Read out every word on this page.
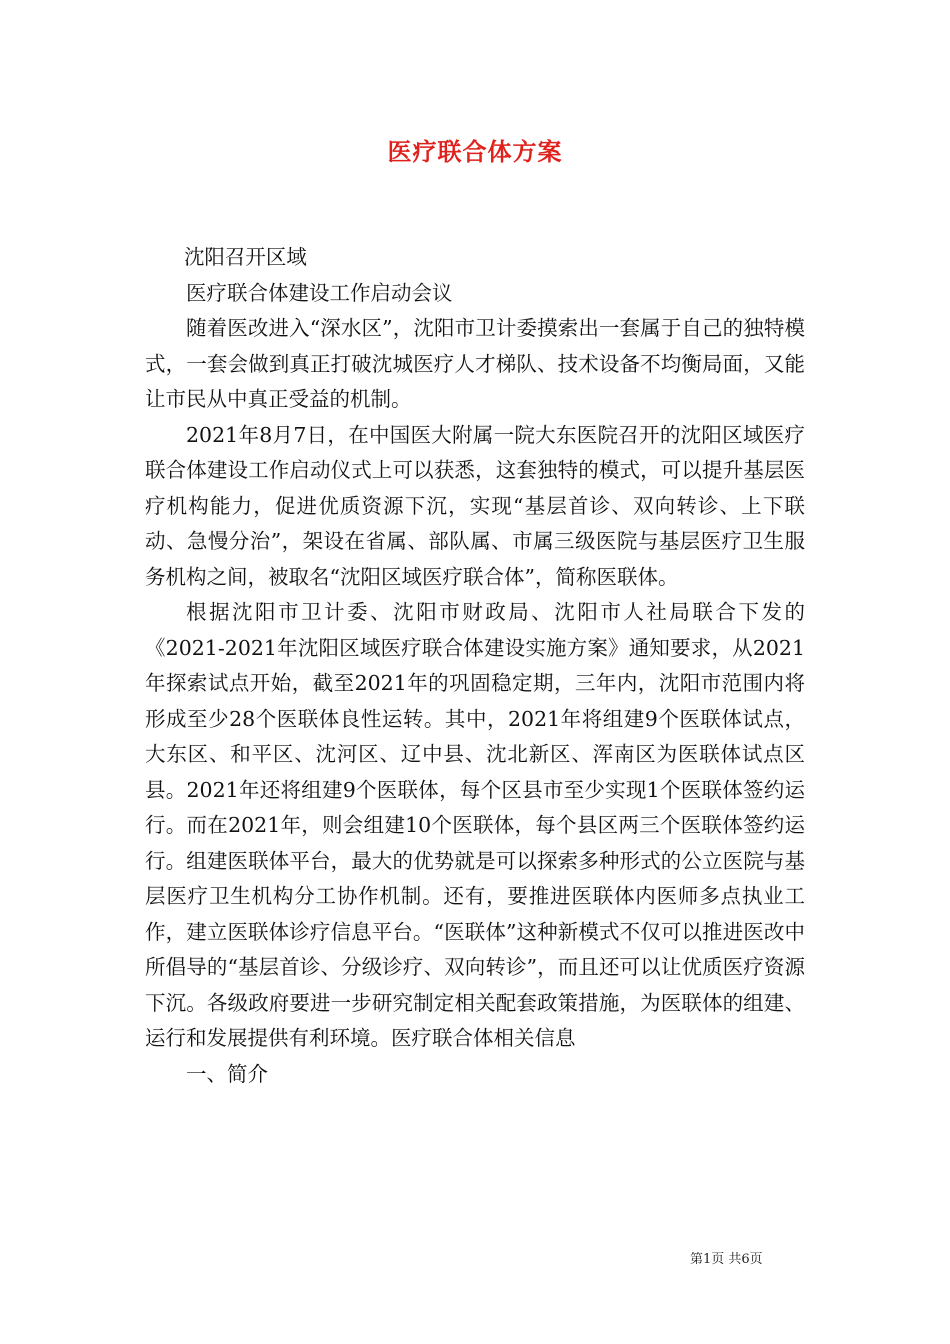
医疗联合体方案

沈阳召开区域

医疗联合体建设工作启动会议

随着医改进入“深水区”，沈阳市卫计委摸索出一套属于自己的独特模式，一套会做到真正打破沈城医疗人才梯队、技术设备不均衡局面，又能让市民从中真正受益的机制。

2021年8月7日，在中国医大附属一院大东医院召开的沈阳区域医疗联合体建设工作启动仪式上可以获悉，这套独特的模式，可以提升基层医疗机构能力，促进优质资源下沉，实现“基层首诊、双向转诊、上下联动、急慢分治”，架设在省属、部队属、市属三级医院与基层医疗卫生服务机构之间，被取名“沈阳区域医疗联合体”，简称医联体。

根据沈阳市卫计委、沈阳市财政局、沈阳市人社局联合下发的《2021-2021年沈阳区域医疗联合体建设实施方案》通知要求，从2021年探索试点开始，截至2021年的巩固稳定期，三年内，沈阳市范围内将形成至少28个医联体良性运转。其中，2021年将组建9个医联体试点，大东区、和平区、沈河区、辽中县、沈北新区、浑南区为医联体试点区县。2021年还将组建9个医联体，每个区县市至少实现1个医联体签约运行。而在2021年，则会组建10个医联体，每个县区两三个医联体签约运行。组建医联体平台，最大的优势就是可以探索多种形式的公立医院与基层医疗卫生机构分工协作机制。还有，要推进医联体内医师多点执业工作，建立医联体诊疗信息平台。“医联体”这种新模式不仅可以推进医改中所倡导的“基层首诊、分级诊疗、双向转诊”，而且还可以让优质医疗资源下沉。各级政府要进一步研究制定相关配套政策措施，为医联体的组建、运行和发展提供有利环境。医疗联合体相关信息

一、简介

第1页 共6页
